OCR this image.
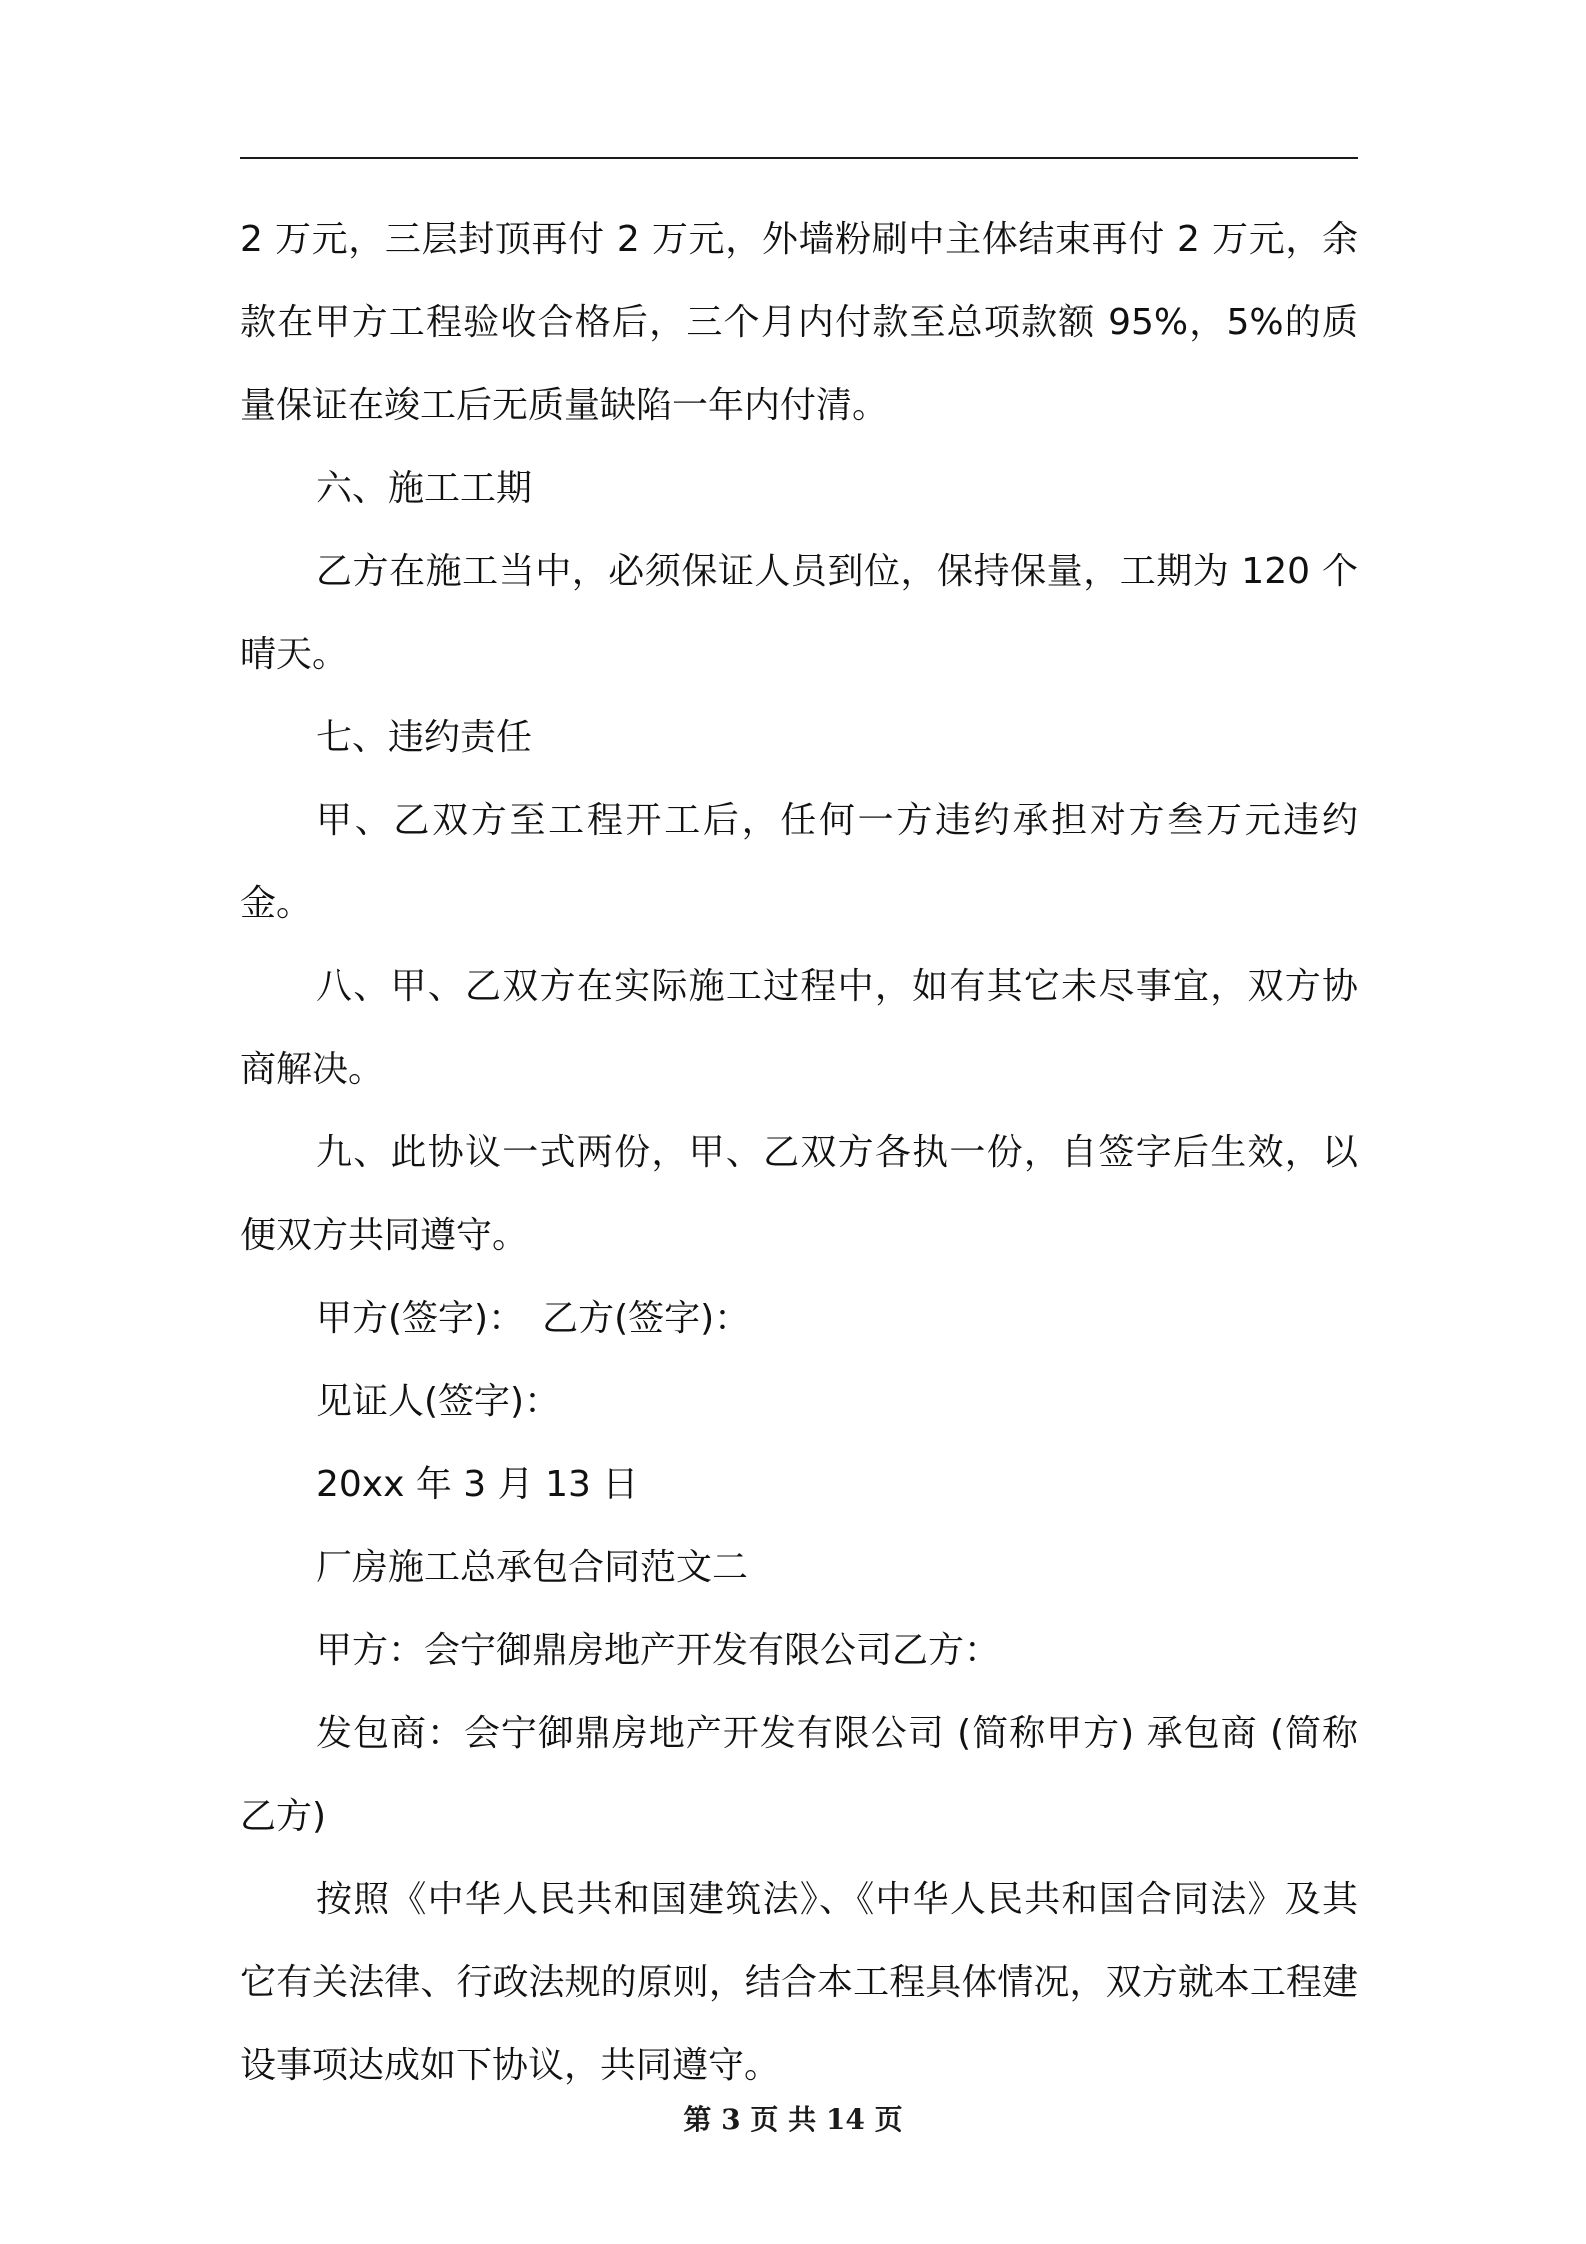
2 万元，三层封顶再付 2 万元，外墙粉刷中主体结束再付 2 万元，余款在甲方工程验收合格后，三个月内付款至总项款额 95%，5%的质量保证在竣工后无质量缺陷一年内付清。

六、施工工期

乙方在施工当中，必须保证人员到位，保持保量，工期为 120 个晴天。

七、违约责任

甲、乙双方至工程开工后，任何一方违约承担对方叁万元违约金。

八、甲、乙双方在实际施工过程中，如有其它未尽事宜，双方协商解决。

九、此协议一式两份，甲、乙双方各执一份，自签字后生效，以便双方共同遵守。

甲方(签字)：　乙方(签字)：

见证人(签字)：

20xx 年 3 月 13 日

厂房施工总承包合同范文二

甲方：会宁御鼎房地产开发有限公司乙方：

发包商：会宁御鼎房地产开发有限公司 (简称甲方) 承包商 (简称乙方)

按照《中华人民共和国建筑法》、《中华人民共和国合同法》及其它有关法律、行政法规的原则，结合本工程具体情况，双方就本工程建设事项达成如下协议，共同遵守。

第 3 页 共 14 页
